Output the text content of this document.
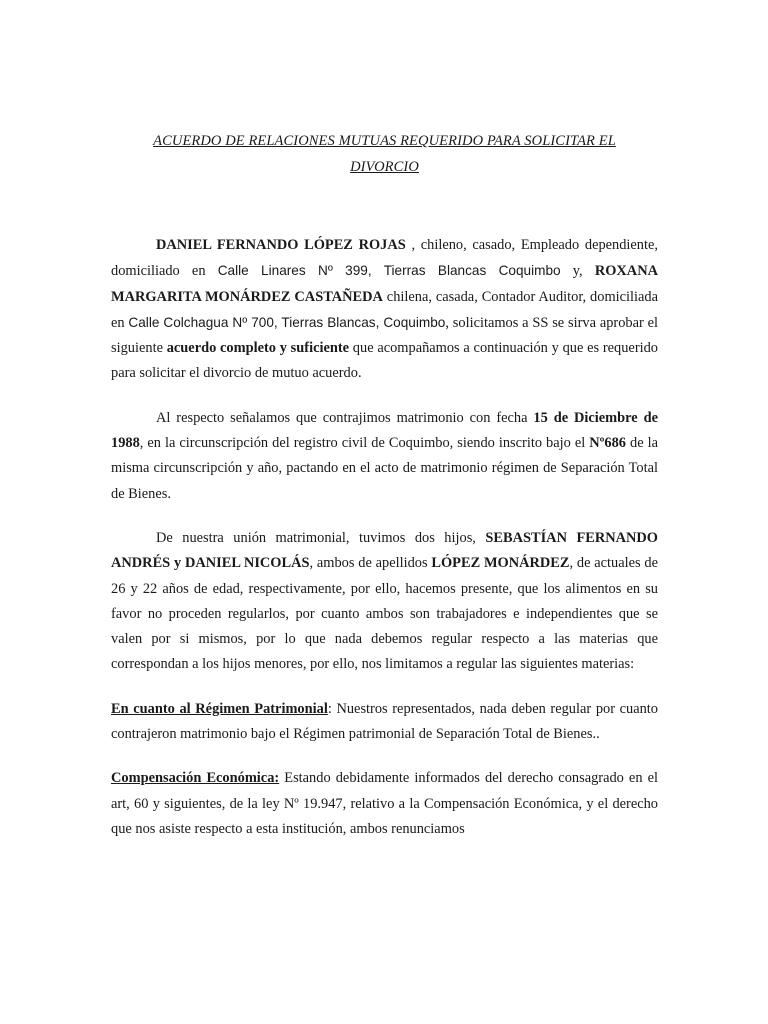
ACUERDO DE RELACIONES MUTUAS REQUERIDO PARA SOLICITAR EL
DIVORCIO

DANIEL FERNANDO LÓPEZ ROJAS , chileno, casado, Empleado dependiente, domiciliado en Calle Linares Nº 399, Tierras Blancas Coquimbo y, ROXANA MARGARITA MONÁRDEZ CASTAÑEDA chilena, casada, Contador Auditor, domiciliada en Calle Colchagua Nº 700, Tierras Blancas, Coquimbo, solicitamos a SS se sirva aprobar el siguiente acuerdo completo y suficiente que acompañamos a continuación y que es requerido para solicitar el divorcio de mutuo acuerdo.

Al respecto señalamos que contrajimos matrimonio con fecha 15 de Diciembre de 1988, en la circunscripción del registro civil de Coquimbo, siendo inscrito bajo el Nº686 de la misma circunscripción y año, pactando en el acto de matrimonio régimen de Separación Total de Bienes.

De nuestra unión matrimonial, tuvimos dos hijos, SEBASTÍAN FERNANDO ANDRÉS y DANIEL NICOLÁS, ambos de apellidos LÓPEZ MONÁRDEZ, de actuales de 26 y 22 años de edad, respectivamente, por ello, hacemos presente, que los alimentos en su favor no proceden regularlos, por cuanto ambos son trabajadores e independientes que se valen por si mismos, por lo que nada debemos regular respecto a las materias que correspondan a los hijos menores, por ello, nos limitamos a regular las siguientes materias:

En cuanto al Régimen Patrimonial: Nuestros representados, nada deben regular por cuanto contrajeron matrimonio bajo el Régimen patrimonial de Separación Total de Bienes..

Compensación Económica: Estando debidamente informados del derecho consagrado en el art, 60 y siguientes, de la ley Nº 19.947, relativo a la Compensación Económica, y el derecho que nos asiste respecto a esta institución, ambos renunciamos
